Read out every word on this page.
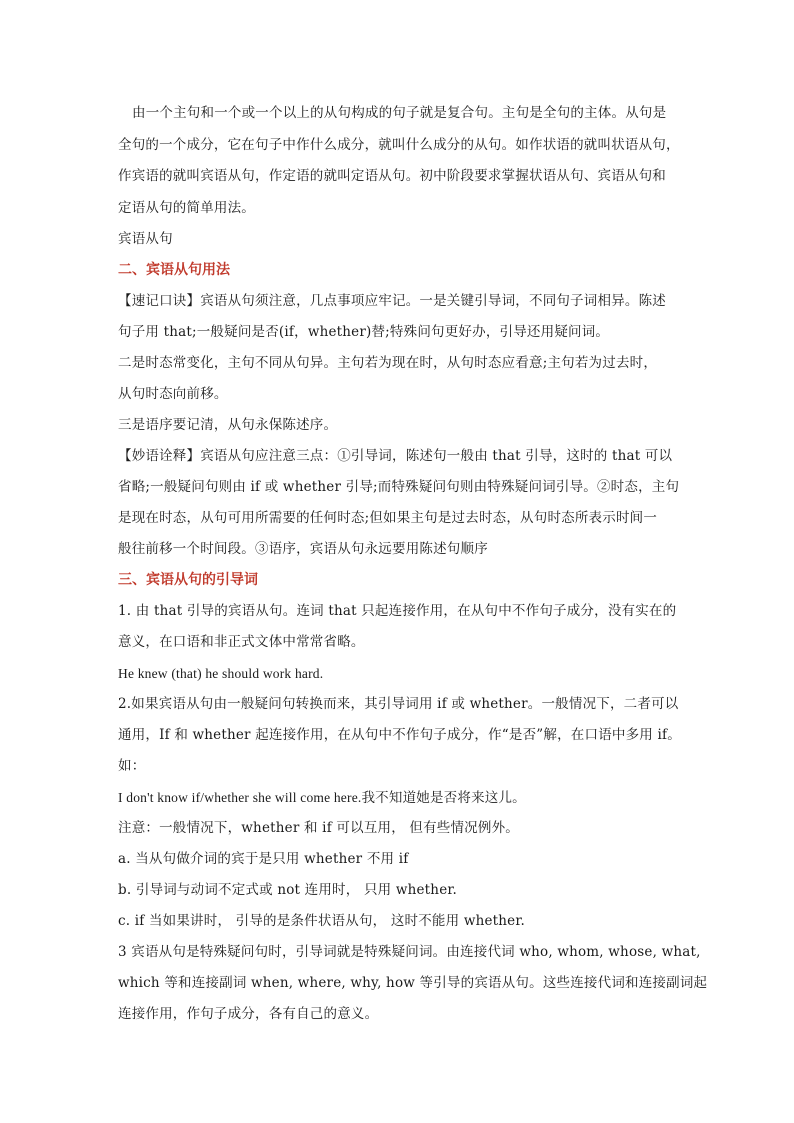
由一个主句和一个或一个以上的从句构成的句子就是复合句。主句是全句的主体。从句是
全句的一个成分，它在句子中作什么成分，就叫什么成分的从句。如作状语的就叫状语从句，
作宾语的就叫宾语从句，作定语的就叫定语从句。初中阶段要求掌握状语从句、宾语从句和
定语从句的简单用法。

宾语从句

二、宾语从句用法

【速记口诀】宾语从句须注意，几点事项应牢记。一是关键引导词，不同句子词相异。陈述
句子用 that;一般疑问是否(if，whether)替;特殊问句更好办，引导还用疑问词。
二是时态常变化，主句不同从句异。主句若为现在时，从句时态应看意;主句若为过去时，
从句时态向前移。
三是语序要记清，从句永保陈述序。

【妙语诠释】宾语从句应注意三点：①引导词，陈述句一般由 that 引导，这时的 that 可以
省略;一般疑问句则由 if 或 whether 引导;而特殊疑问句则由特殊疑问词引导。②时态，主句
是现在时态，从句可用所需要的任何时态;但如果主句是过去时态，从句时态所表示时间一
般往前移一个时间段。③语序，宾语从句永远要用陈述句顺序

三、宾语从句的引导词

1. 由 that 引导的宾语从句。连词 that 只起连接作用，在从句中不作句子成分，没有实在的
意义，在口语和非正式文体中常常省略。

He knew (that) he should work hard.

2.如果宾语从句由一般疑问句转换而来，其引导词用 if 或 whether。一般情况下，二者可以
通用，If 和 whether 起连接作用，在从句中不作句子成分，作“是否”解，在口语中多用 if。
如：

I don't know if/whether she will come here.我不知道她是否将来这儿。

注意：一般情况下，whether 和 if 可以互用， 但有些情况例外。

a. 当从句做介词的宾于是只用 whether 不用 if

b. 引导词与动词不定式或 not 连用时， 只用 whether.

c. if 当如果讲时， 引导的是条件状语从句， 这时不能用 whether.

3 宾语从句是特殊疑问句时，引导词就是特殊疑问词。由连接代词 who, whom, whose, what,
which 等和连接副词 when, where, why, how 等引导的宾语从句。这些连接代词和连接副词起
连接作用，作句子成分，各有自己的意义。
